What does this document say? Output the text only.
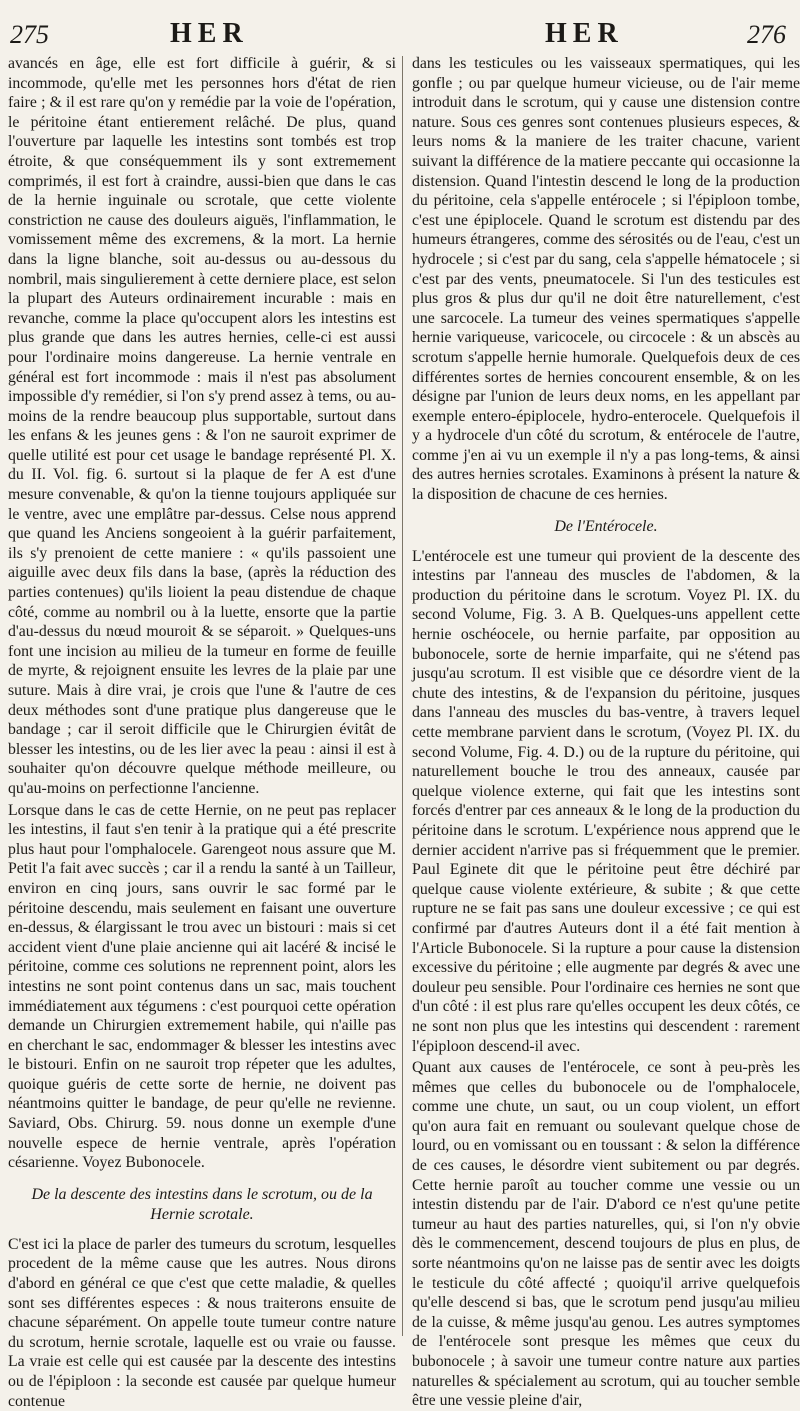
275	HER	HER	276

avancés en âge, elle est fort difficile à guérir, & si incommode, qu'elle met les personnes hors d'état de rien faire ; & il est rare qu'on y remédie par la voie de l'opération, le péritoine étant entierement relâché. De plus, quand l'ouverture par laquelle les intestins sont tombés est trop étroite, & que conséquemment ils y sont extremement comprimés, il est fort à craindre, aussi-bien que dans le cas de la hernie inguinale ou scrotale, que cette violente constriction ne cause des douleurs aiguës, l'inflammation, le vomissement même des excremens, & la mort. La hernie dans la ligne blanche, soit au-dessus ou au-dessous du nombril, mais singulierement à cette derniere place, est selon la plupart des Auteurs ordinairement incurable : mais en revanche, comme la place qu'occupent alors les intestins est plus grande que dans les autres hernies, celle-ci est aussi pour l'ordinaire moins dangereuse. La hernie ventrale en général est fort incommode : mais il n'est pas absolument impossible d'y remédier, si l'on s'y prend assez à tems, ou au-moins de la rendre beaucoup plus supportable, surtout dans les enfans & les jeunes gens : & l'on ne sauroit exprimer de quelle utilité est pour cet usage le bandage représenté Pl. X. du II. Vol. fig. 6. surtout si la plaque de fer A est d'une mesure convenable, & qu'on la tienne toujours appliquée sur le ventre, avec une emplâtre par-dessus. Celse nous apprend que quand les Anciens songeoient à la guérir parfaitement, ils s'y prenoient de cette maniere : « qu'ils passoient une aiguille avec deux fils dans la base, (après la réduction des parties contenues) qu'ils lioient la peau distendue de chaque côté, comme au nombril ou à la luette, ensorte que la partie d'au-dessus du nœud mouroit & se séparoit. » Quelques-uns font une incision au milieu de la tumeur en forme de feuille de myrte, & rejoignent ensuite les levres de la plaie par une suture. Mais à dire vrai, je crois que l'une & l'autre de ces deux méthodes sont d'une pratique plus dangereuse que le bandage ; car il seroit difficile que le Chirurgien évitât de blesser les intestins, ou de les lier avec la peau : ainsi il est à souhaiter qu'on découvre quelque méthode meilleure, ou qu'au-moins on perfectionne l'ancienne.

Lorsque dans le cas de cette Hernie, on ne peut pas replacer les intestins, il faut s'en tenir à la pratique qui a été prescrite plus haut pour l'omphalocele. Garengeot nous assure que M. Petit l'a fait avec succès ; car il a rendu la santé à un Tailleur, environ en cinq jours, sans ouvrir le sac formé par le péritoine descendu, mais seulement en faisant une ouverture en-dessus, & élargissant le trou avec un bistouri : mais si cet accident vient d'une plaie ancienne qui ait lacéré & incisé le péritoine, comme ces solutions ne reprennent point, alors les intestins ne sont point contenus dans un sac, mais touchent immédiatement aux tégumens : c'est pourquoi cette opération demande un Chirurgien extremement habile, qui n'aille pas en cherchant le sac, endommager & blesser les intestins avec le bistouri. Enfin on ne sauroit trop répeter que les adultes, quoique guéris de cette sorte de hernie, ne doivent pas néantmoins quitter le bandage, de peur qu'elle ne revienne. Saviard, Obs. Chirurg. 59. nous donne un exemple d'une nouvelle espece de hernie ventrale, après l'opération césarienne. Voyez Bubonocele.

De la descente des intestins dans le scrotum, ou de la Hernie scrotale.

C'est ici la place de parler des tumeurs du scrotum, lesquelles procedent de la même cause que les autres. Nous dirons d'abord en général ce que c'est que cette maladie, & quelles sont ses différentes especes : & nous traiterons ensuite de chacune séparément. On appelle toute tumeur contre nature du scrotum, hernie scrotale, laquelle est ou vraie ou fausse. La vraie est celle qui est causée par la descente des intestins ou de l'épiploon : la seconde est causée par quelque humeur contenue

dans les testicules ou les vaisseaux spermatiques, qui les gonfle ; ou par quelque humeur vicieuse, ou de l'air meme introduit dans le scrotum, qui y cause une distension contre nature. Sous ces genres sont contenues plusieurs especes, & leurs noms & la maniere de les traiter chacune, varient suivant la différence de la matiere peccante qui occasionne la distension. Quand l'intestin descend le long de la production du péritoine, cela s'appelle entérocele ; si l'épiploon tombe, c'est une épiplocele. Quand le scrotum est distendu par des humeurs étrangeres, comme des sérosités ou de l'eau, c'est un hydrocele ; si c'est par du sang, cela s'appelle hématocele ; si c'est par des vents, pneumatocele. Si l'un des testicules est plus gros & plus dur qu'il ne doit être naturellement, c'est une sarcocele. La tumeur des veines spermatiques s'appelle hernie variqueuse, varicocele, ou circocele : & un abscès au scrotum s'appelle hernie humorale. Quelquefois deux de ces différentes sortes de hernies concourent ensemble, & on les désigne par l'union de leurs deux noms, en les appellant par exemple entero-épiplocele, hydro-enterocele. Quelquefois il y a hydrocele d'un côté du scrotum, & entérocele de l'autre, comme j'en ai vu un exemple il n'y a pas long-tems, & ainsi des autres hernies scrotales. Examinons à présent la nature & la disposition de chacune de ces hernies.

De l'Entérocele.

L'entérocele est une tumeur qui provient de la descente des intestins par l'anneau des muscles de l'abdomen, & la production du péritoine dans le scrotum. Voyez Pl. IX. du second Volume, Fig. 3. A B. Quelques-uns appellent cette hernie oschéocele, ou hernie parfaite, par opposition au bubonocele, sorte de hernie imparfaite, qui ne s'étend pas jusqu'au scrotum. Il est visible que ce désordre vient de la chute des intestins, & de l'expansion du péritoine, jusques dans l'anneau des muscles du bas-ventre, à travers lequel cette membrane parvient dans le scrotum, (Voyez Pl. IX. du second Volume, Fig. 4. D.) ou de la rupture du péritoine, qui naturellement bouche le trou des anneaux, causée par quelque violence externe, qui fait que les intestins sont forcés d'entrer par ces anneaux & le long de la production du péritoine dans le scrotum. L'expérience nous apprend que le dernier accident n'arrive pas si fréquemment que le premier. Paul Eginete dit que le péritoine peut être déchiré par quelque cause violente extérieure, & subite ; & que cette rupture ne se fait pas sans une douleur excessive ; ce qui est confirmé par d'autres Auteurs dont il a été fait mention à l'Article Bubonocele. Si la rupture a pour cause la distension excessive du péritoine ; elle augmente par degrés & avec une douleur peu sensible. Pour l'ordinaire ces hernies ne sont que d'un côté : il est plus rare qu'elles occupent les deux côtés, ce ne sont non plus que les intestins qui descendent : rarement l'épiploon descend-il avec.

Quant aux causes de l'entérocele, ce sont à peu-près les mêmes que celles du bubonocele ou de l'omphalocele, comme une chute, un saut, ou un coup violent, un effort qu'on aura fait en remuant ou soulevant quelque chose de lourd, ou en vomissant ou en toussant : & selon la différence de ces causes, le désordre vient subitement ou par degrés. Cette hernie paroît au toucher comme une vessie ou un intestin distendu par de l'air. D'abord ce n'est qu'une petite tumeur au haut des parties naturelles, qui, si l'on n'y obvie dès le commencement, descend toujours de plus en plus, de sorte néantmoins qu'on ne laisse pas de sentir avec les doigts le testicule du côté affecté ; quoiqu'il arrive quelquefois qu'elle descend si bas, que le scrotum pend jusqu'au milieu de la cuisse, & même jusqu'au genou. Les autres symptomes de l'entérocele sont presque les mêmes que ceux du bubonocele ; à savoir une tumeur contre nature aux parties naturelles & spécialement au scrotum, qui au toucher semble être une vessie pleine d'air,
